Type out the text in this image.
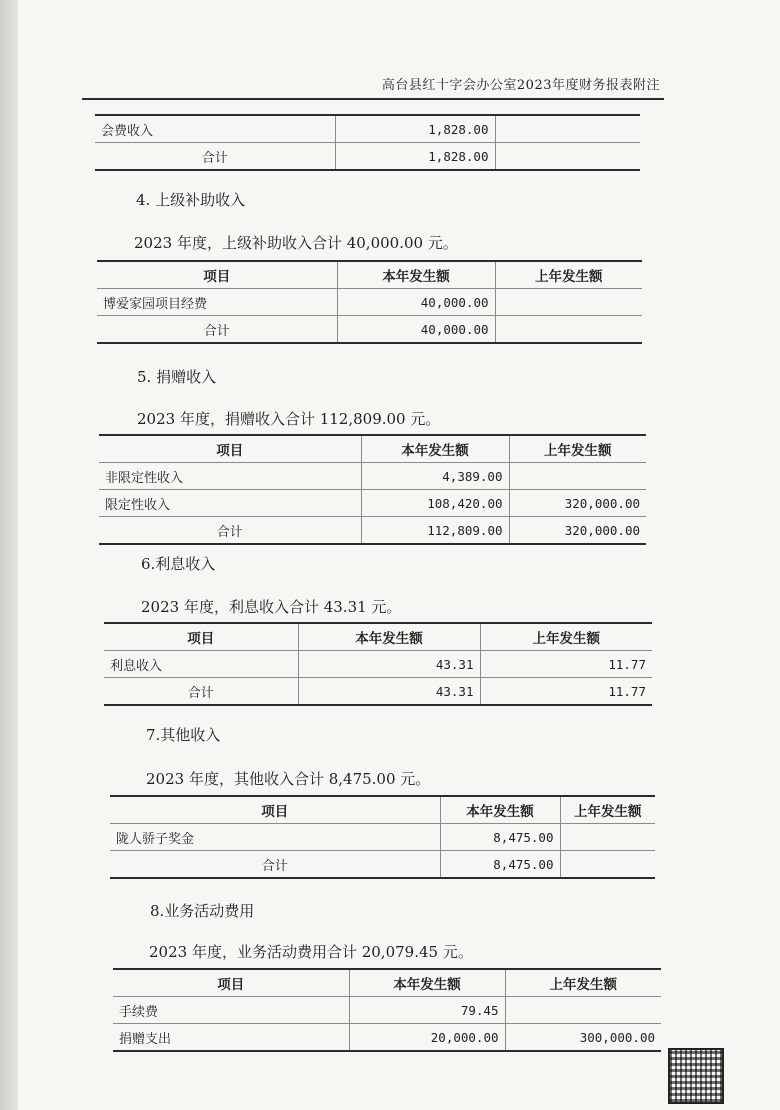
高台县红十字会办公室2023年度财务报表附注
会费收入	1,828.00	
合计	1,828.00	
4. 上级补助收入
2023 年度，上级补助收入合计 40,000.00 元。
项目	本年发生额	上年发生额
博爱家园项目经费	40,000.00	
合计	40,000.00	
5. 捐赠收入
2023 年度，捐赠收入合计 112,809.00 元。
项目	本年发生额	上年发生额
非限定性收入	4,389.00	
限定性收入	108,420.00	320,000.00
合计	112,809.00	320,000.00
6.利息收入
2023 年度，利息收入合计 43.31 元。
项目	本年发生额	上年发生额
利息收入	43.31	11.77
合计	43.31	11.77
7.其他收入
2023 年度，其他收入合计 8,475.00 元。
项目	本年发生额	上年发生额
陇人骄子奖金	8,475.00	
合计	8,475.00	
8.业务活动费用
2023 年度，业务活动费用合计 20,079.45 元。
项目	本年发生额	上年发生额
手续费	79.45	
捐赠支出	20,000.00	300,000.00
